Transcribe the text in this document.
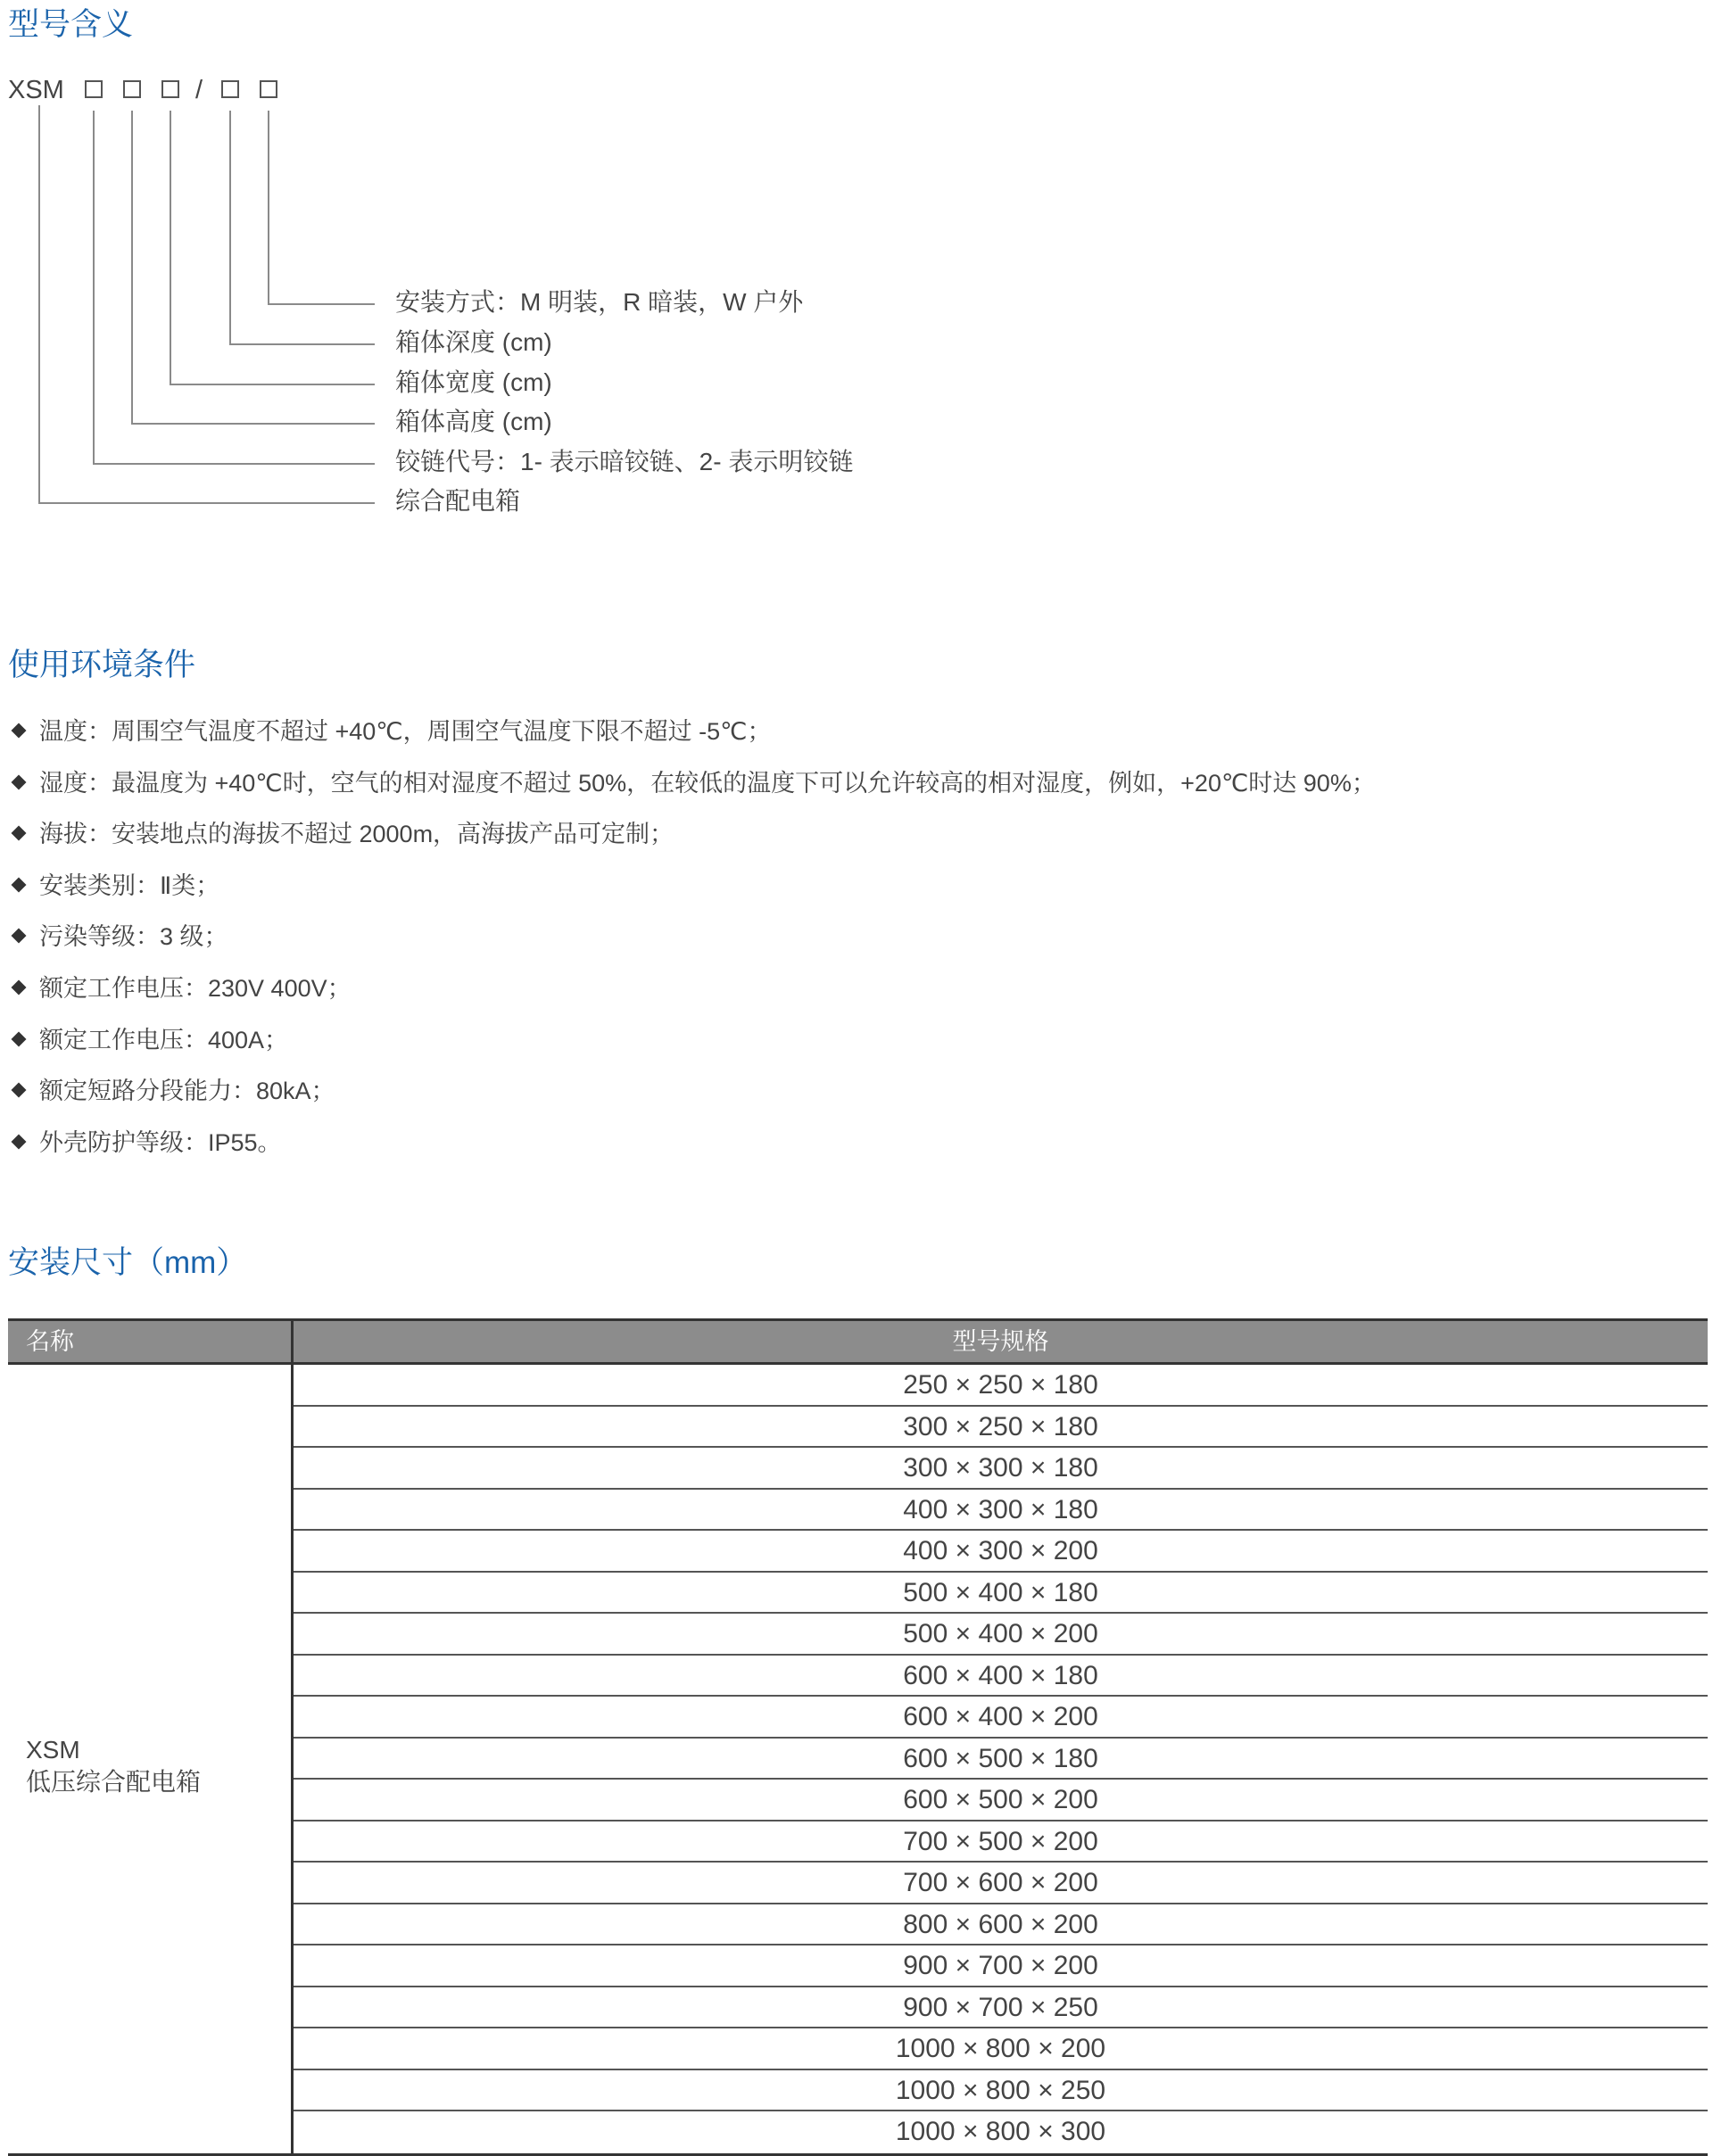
型号含义
XSM	/
安装方式：M 明装，R 暗装，W 户外
箱体深度 (cm)
箱体宽度 (cm)
箱体高度 (cm)
铰链代号：1- 表示暗铰链、2- 表示明铰链
综合配电箱
使用环境条件
温度：周围空气温度不超过 +40℃，周围空气温度下限不超过 -5℃；
湿度：最温度为 +40℃时，空气的相对湿度不超过 50%，在较低的温度下可以允许较高的相对湿度，例如，+20℃时达 90%；
海拔：安装地点的海拔不超过 2000m，高海拔产品可定制；
安装类别：Ⅱ类；
污染等级：3 级；
额定工作电压：230V 400V；
额定工作电压：400A；
额定短路分段能力：80kA；
外壳防护等级：IP55。
安装尺寸（mm）
名称	型号规格
XSM
低压综合配电箱
250 × 250 × 180
300 × 250 × 180
300 × 300 × 180
400 × 300 × 180
400 × 300 × 200
500 × 400 × 180
500 × 400 × 200
600 × 400 × 180
600 × 400 × 200
600 × 500 × 180
600 × 500 × 200
700 × 500 × 200
700 × 600 × 200
800 × 600 × 200
900 × 700 × 200
900 × 700 × 250
1000 × 800 × 200
1000 × 800 × 250
1000 × 800 × 300
